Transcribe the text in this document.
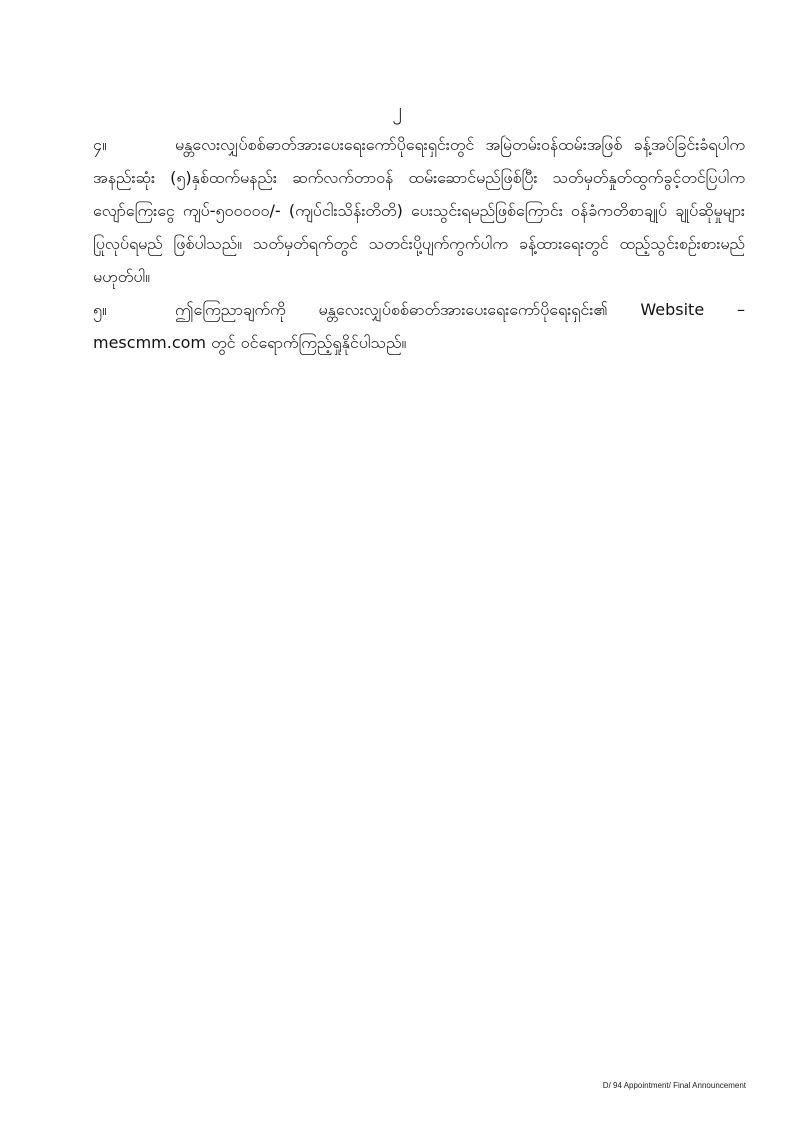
၂

၄။	မန္တလေးလျှပ်စစ်ဓာတ်အားပေးရေးကော်ပိုရေးရှင်းတွင် အမြဲတမ်းဝန်ထမ်းအဖြစ် ခန့်အပ်ခြင်းခံရပါက အနည်းဆုံး (၅)နှစ်ထက်မနည်း ဆက်လက်တာဝန် ထမ်းဆောင်မည်ဖြစ်ပြီး သတ်မှတ်နှုတ်ထွက်ခွင့်တင်ပြပါက လျော်ကြေးငွေ ကျပ်-၅၀၀၀၀၀/- (ကျပ်ငါးသိန်းတိတိ) ပေးသွင်းရမည်ဖြစ်ကြောင်း ဝန်ခံကတိစာချုပ် ချုပ်ဆိုမှုများ ပြုလုပ်ရမည် ဖြစ်ပါသည်။ သတ်မှတ်ရက်တွင် သတင်းပို့ပျက်ကွက်ပါက ခန့်ထားရေးတွင် ထည့်သွင်းစဉ်းစားမည် မဟုတ်ပါ။

၅။	ဤကြေညာချက်ကို မန္တလေးလျှပ်စစ်ဓာတ်အားပေးရေးကော်ပိုရေးရှင်း၏ Website – mescmm.com တွင် ဝင်ရောက်ကြည့်ရှုနိုင်ပါသည်။

D/ 94 Appointment/ Final Announcement
